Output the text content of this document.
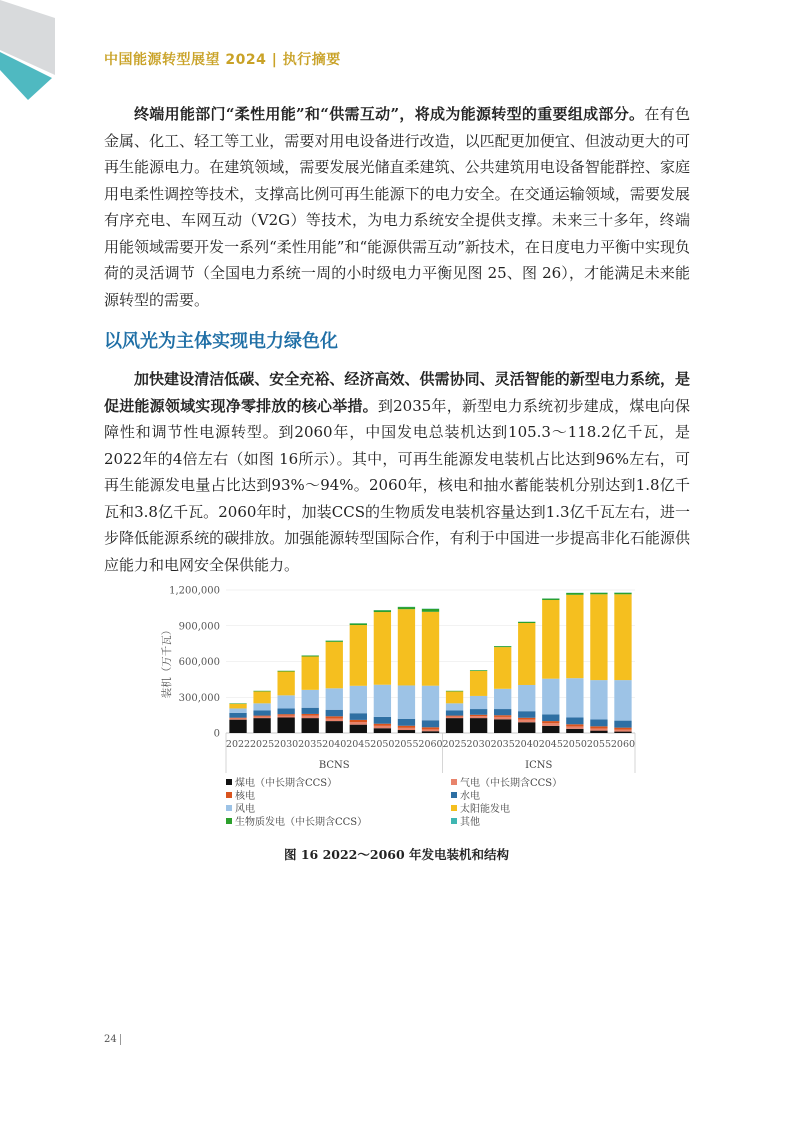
中国能源转型展望 2024 | 执行摘要

终端用能部门“柔性用能”和“供需互动”，将成为能源转型的重要组成部分。在有色金属、化工、轻工等工业，需要对用电设备进行改造，以匹配更加便宜、但波动更大的可再生能源电力。在建筑领域，需要发展光储直柔建筑、公共建筑用电设备智能群控、家庭用电柔性调控等技术，支撑高比例可再生能源下的电力安全。在交通运输领域，需要发展有序充电、车网互动（V2G）等技术，为电力系统安全提供支撑。未来三十多年，终端用能领域需要开发一系列“柔性用能”和“能源供需互动”新技术，在日度电力平衡中实现负荷的灵活调节（全国电力系统一周的小时级电力平衡见图 25、图 26），才能满足未来能源转型的需要。

以风光为主体实现电力绿色化

加快建设清洁低碳、安全充裕、经济高效、供需协同、灵活智能的新型电力系统，是促进能源领域实现净零排放的核心举措。到2035年，新型电力系统初步建成，煤电向保障性和调节性电源转型。到2060年，中国发电总装机达到105.3～118.2亿千瓦，是2022年的4倍左右（如图 16所示）。其中，可再生能源发电装机占比达到96%左右，可再生能源发电量占比达到93%～94%。2060年，核电和抽水蓄能装机分别达到1.8亿千瓦和3.8亿千瓦。2060年时，加装CCS的生物质发电装机容量达到1.3亿千瓦左右，进一步降低能源系统的碳排放。加强能源转型国际合作，有利于中国进一步提高非化石能源供应能力和电网安全保供能力。

0
300,000
600,000
900,000
1,200,000
装机（万千瓦）
2022 2025 2030 2035 2040 2045 2050 2055 2060 2025 2030 2035 2040 2045 2050 2055 2060
BCNS	ICNS
煤电（中长期含CCS）	气电（中长期含CCS）
核电	水电
风电	太阳能发电
生物质发电（中长期含CCS）	其他
图 16 2022～2060 年发电装机和结构
24
